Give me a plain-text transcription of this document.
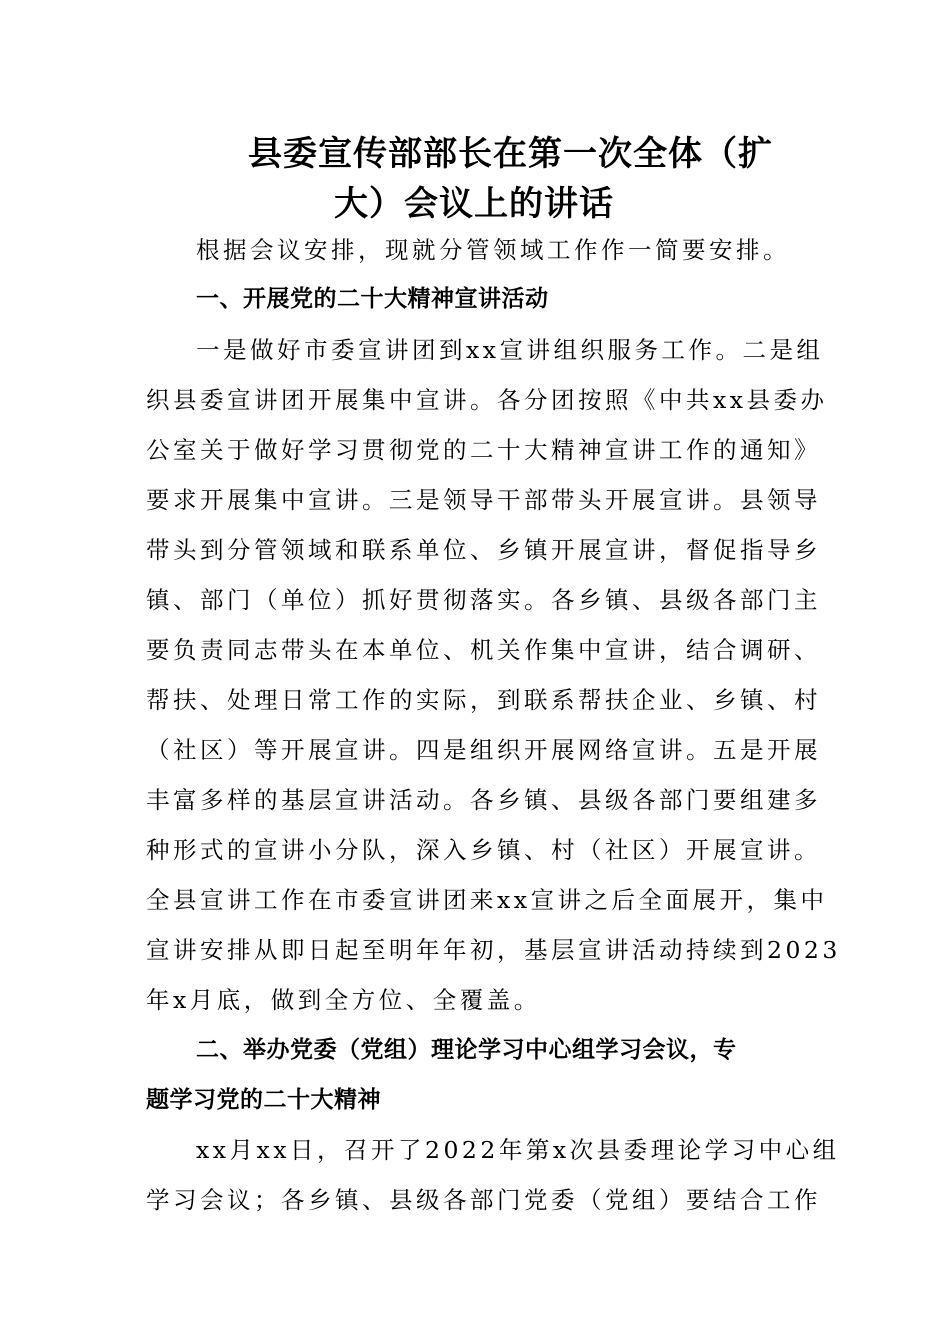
县委宣传部部长在第一次全体（扩
大）会议上的讲话
根据会议安排，现就分管领域工作作一简要安排。
一、开展党的二十大精神宣讲活动
一是做好市委宣讲团到xx宣讲组织服务工作。二是组
织县委宣讲团开展集中宣讲。各分团按照《中共xx县委办
公室关于做好学习贯彻党的二十大精神宣讲工作的通知》
要求开展集中宣讲。三是领导干部带头开展宣讲。县领导
带头到分管领域和联系单位、乡镇开展宣讲，督促指导乡
镇、部门（单位）抓好贯彻落实。各乡镇、县级各部门主
要负责同志带头在本单位、机关作集中宣讲，结合调研、
帮扶、处理日常工作的实际，到联系帮扶企业、乡镇、村
（社区）等开展宣讲。四是组织开展网络宣讲。五是开展
丰富多样的基层宣讲活动。各乡镇、县级各部门要组建多
种形式的宣讲小分队，深入乡镇、村（社区）开展宣讲。
全县宣讲工作在市委宣讲团来xx宣讲之后全面展开，集中
宣讲安排从即日起至明年年初，基层宣讲活动持续到2023
年x月底，做到全方位、全覆盖。
二、举办党委（党组）理论学习中心组学习会议，专
题学习党的二十大精神
xx月xx日，召开了2022年第x次县委理论学习中心组
学习会议；各乡镇、县级各部门党委（党组）要结合工作
